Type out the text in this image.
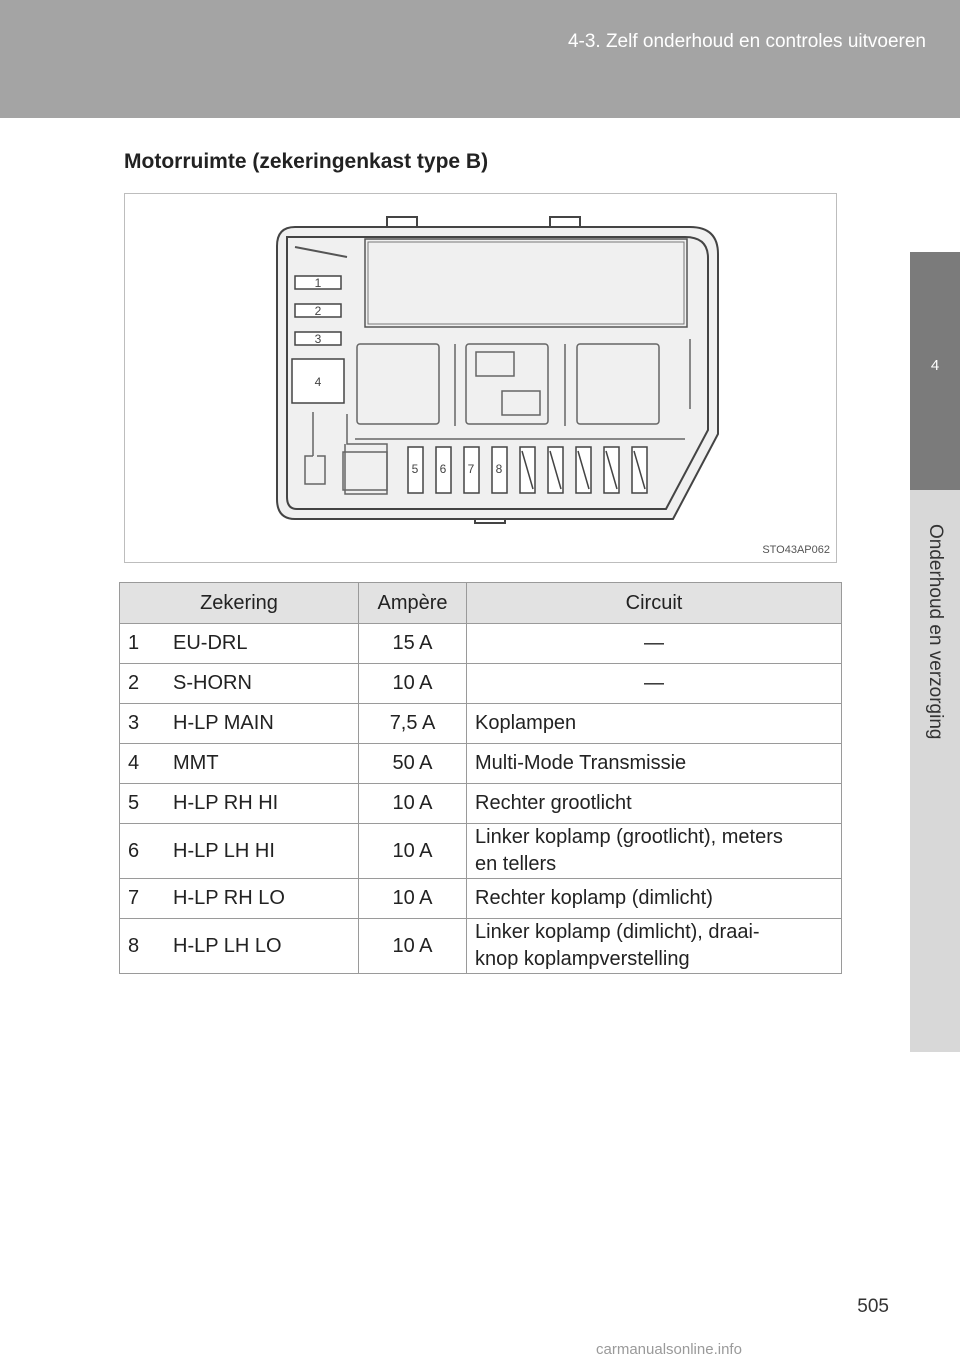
4-3. Zelf onderhoud en controles uitvoeren
4
Onderhoud en verzorging
Motorruimte (zekeringenkast type B)
1
2
3
4
5 6 7 8
STO43AP062
Zekering		Ampère	Circuit
1	EU-DRL	15 A	—
2	S-HORN	10 A	—
3	H-LP MAIN	7,5 A	Koplampen
4	MMT	50 A	Multi-Mode Transmissie
5	H-LP RH HI	10 A	Rechter grootlicht
6	H-LP LH HI	10 A	Linker koplamp (grootlicht), meters
en tellers

7	H-LP RH LO	10 A	Rechter koplamp (dimlicht)
8	H-LP LH LO	10 A	Linker koplamp (dimlicht), draai-
knop koplampverstelling
505
carmanualsonline.info
